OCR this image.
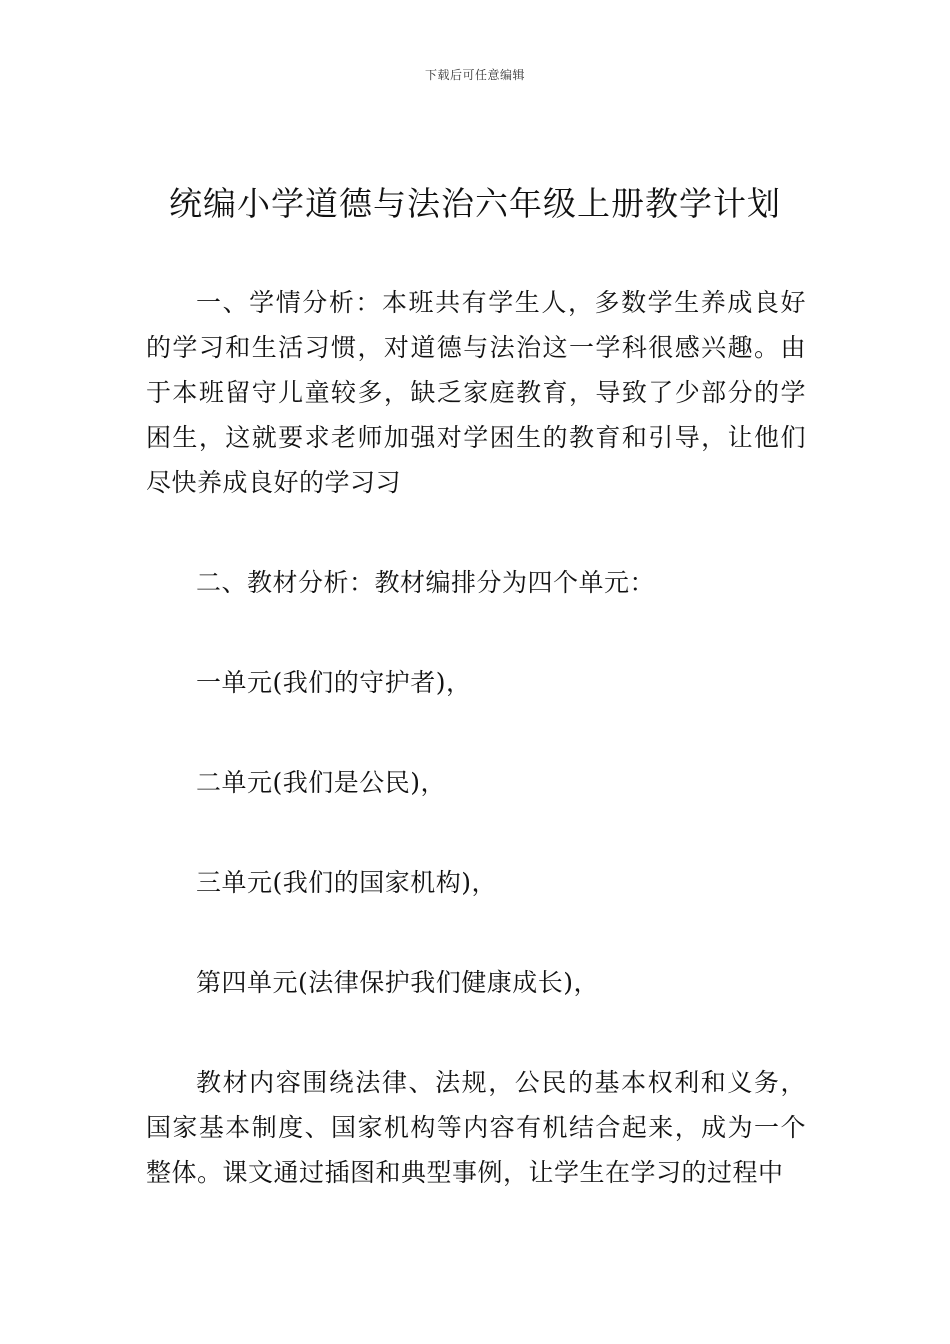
下载后可任意编辑
统编小学道德与法治六年级上册教学计划

一、学情分析：本班共有学生人，多数学生养成良好的学习和生活习惯，对道德与法治这一学科很感兴趣。由于本班留守儿童较多，缺乏家庭教育，导致了少部分的学困生，这就要求老师加强对学困生的教育和引导，让他们尽快养成良好的学习习

二、教材分析：教材编排分为四个单元：

一单元(我们的守护者)，

二单元(我们是公民)，

三单元(我们的国家机构)，

第四单元(法律保护我们健康成长)，

教材内容围绕法律、法规，公民的基本权利和义务，国家基本制度、国家机构等内容有机结合起来，成为一个整体。课文通过插图和典型事例，让学生在学习的过程中
